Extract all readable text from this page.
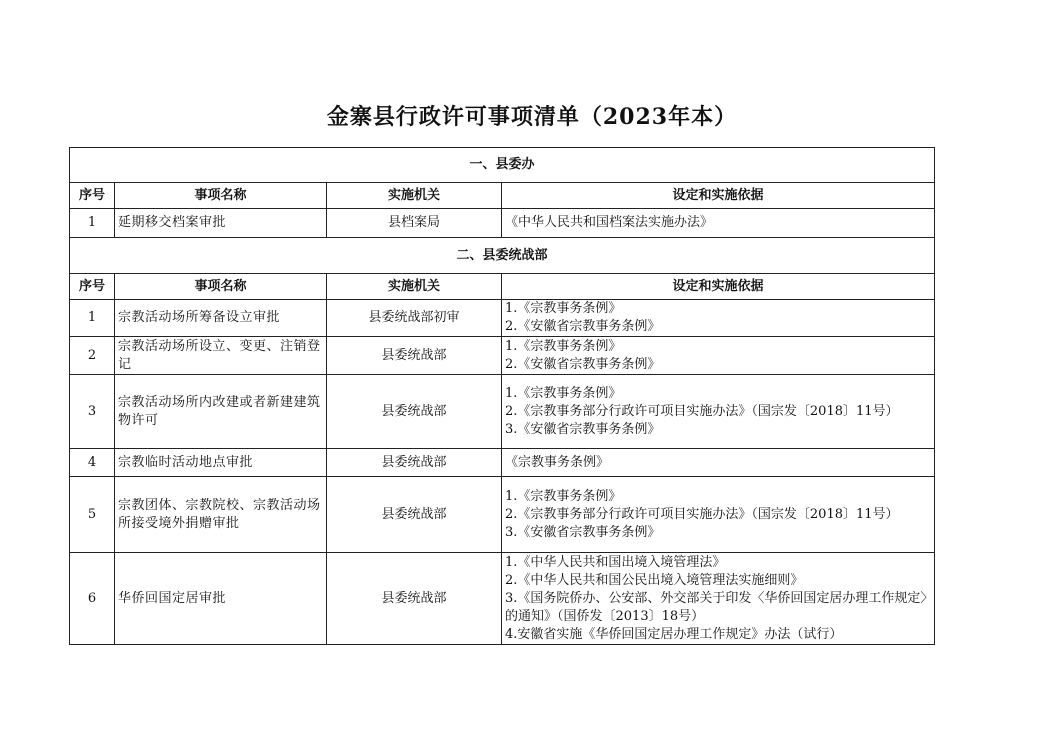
金寨县行政许可事项清单（2023年本）
一、县委办			
序号	事项名称	实施机关	设定和实施依据
1	延期移交档案审批	县档案局	《中华人民共和国档案法实施办法》

二、县委统战部			
序号	事项名称	实施机关	设定和实施依据
1	宗教活动场所筹备设立审批	县委统战部初审	1.《宗教事务条例》
2.《安徽省宗教事务条例》

2	宗教活动场所设立、变更、注销登记	县委统战部	1.《宗教事务条例》
2.《安徽省宗教事务条例》

3	宗教活动场所内改建或者新建建筑物许可	县委统战部	1.《宗教事务条例》
2.《宗教事务部分行政许可项目实施办法》（国宗发〔2018〕11号）
3.《安徽省宗教事务条例》

4	宗教临时活动地点审批	县委统战部	《宗教事务条例》

5	宗教团体、宗教院校、宗教活动场所接受境外捐赠审批	县委统战部	1.《宗教事务条例》
2.《宗教事务部分行政许可项目实施办法》（国宗发〔2018〕11号）
3.《安徽省宗教事务条例》

6	华侨回国定居审批	县委统战部	1.《中华人民共和国出境入境管理法》
2.《中华人民共和国公民出境入境管理法实施细则》
3.《国务院侨办、公安部、外交部关于印发〈华侨回国定居办理工作规定〉的通知》（国侨发〔2013〕18号）
4.安徽省实施《华侨回国定居办理工作规定》办法（试行）
